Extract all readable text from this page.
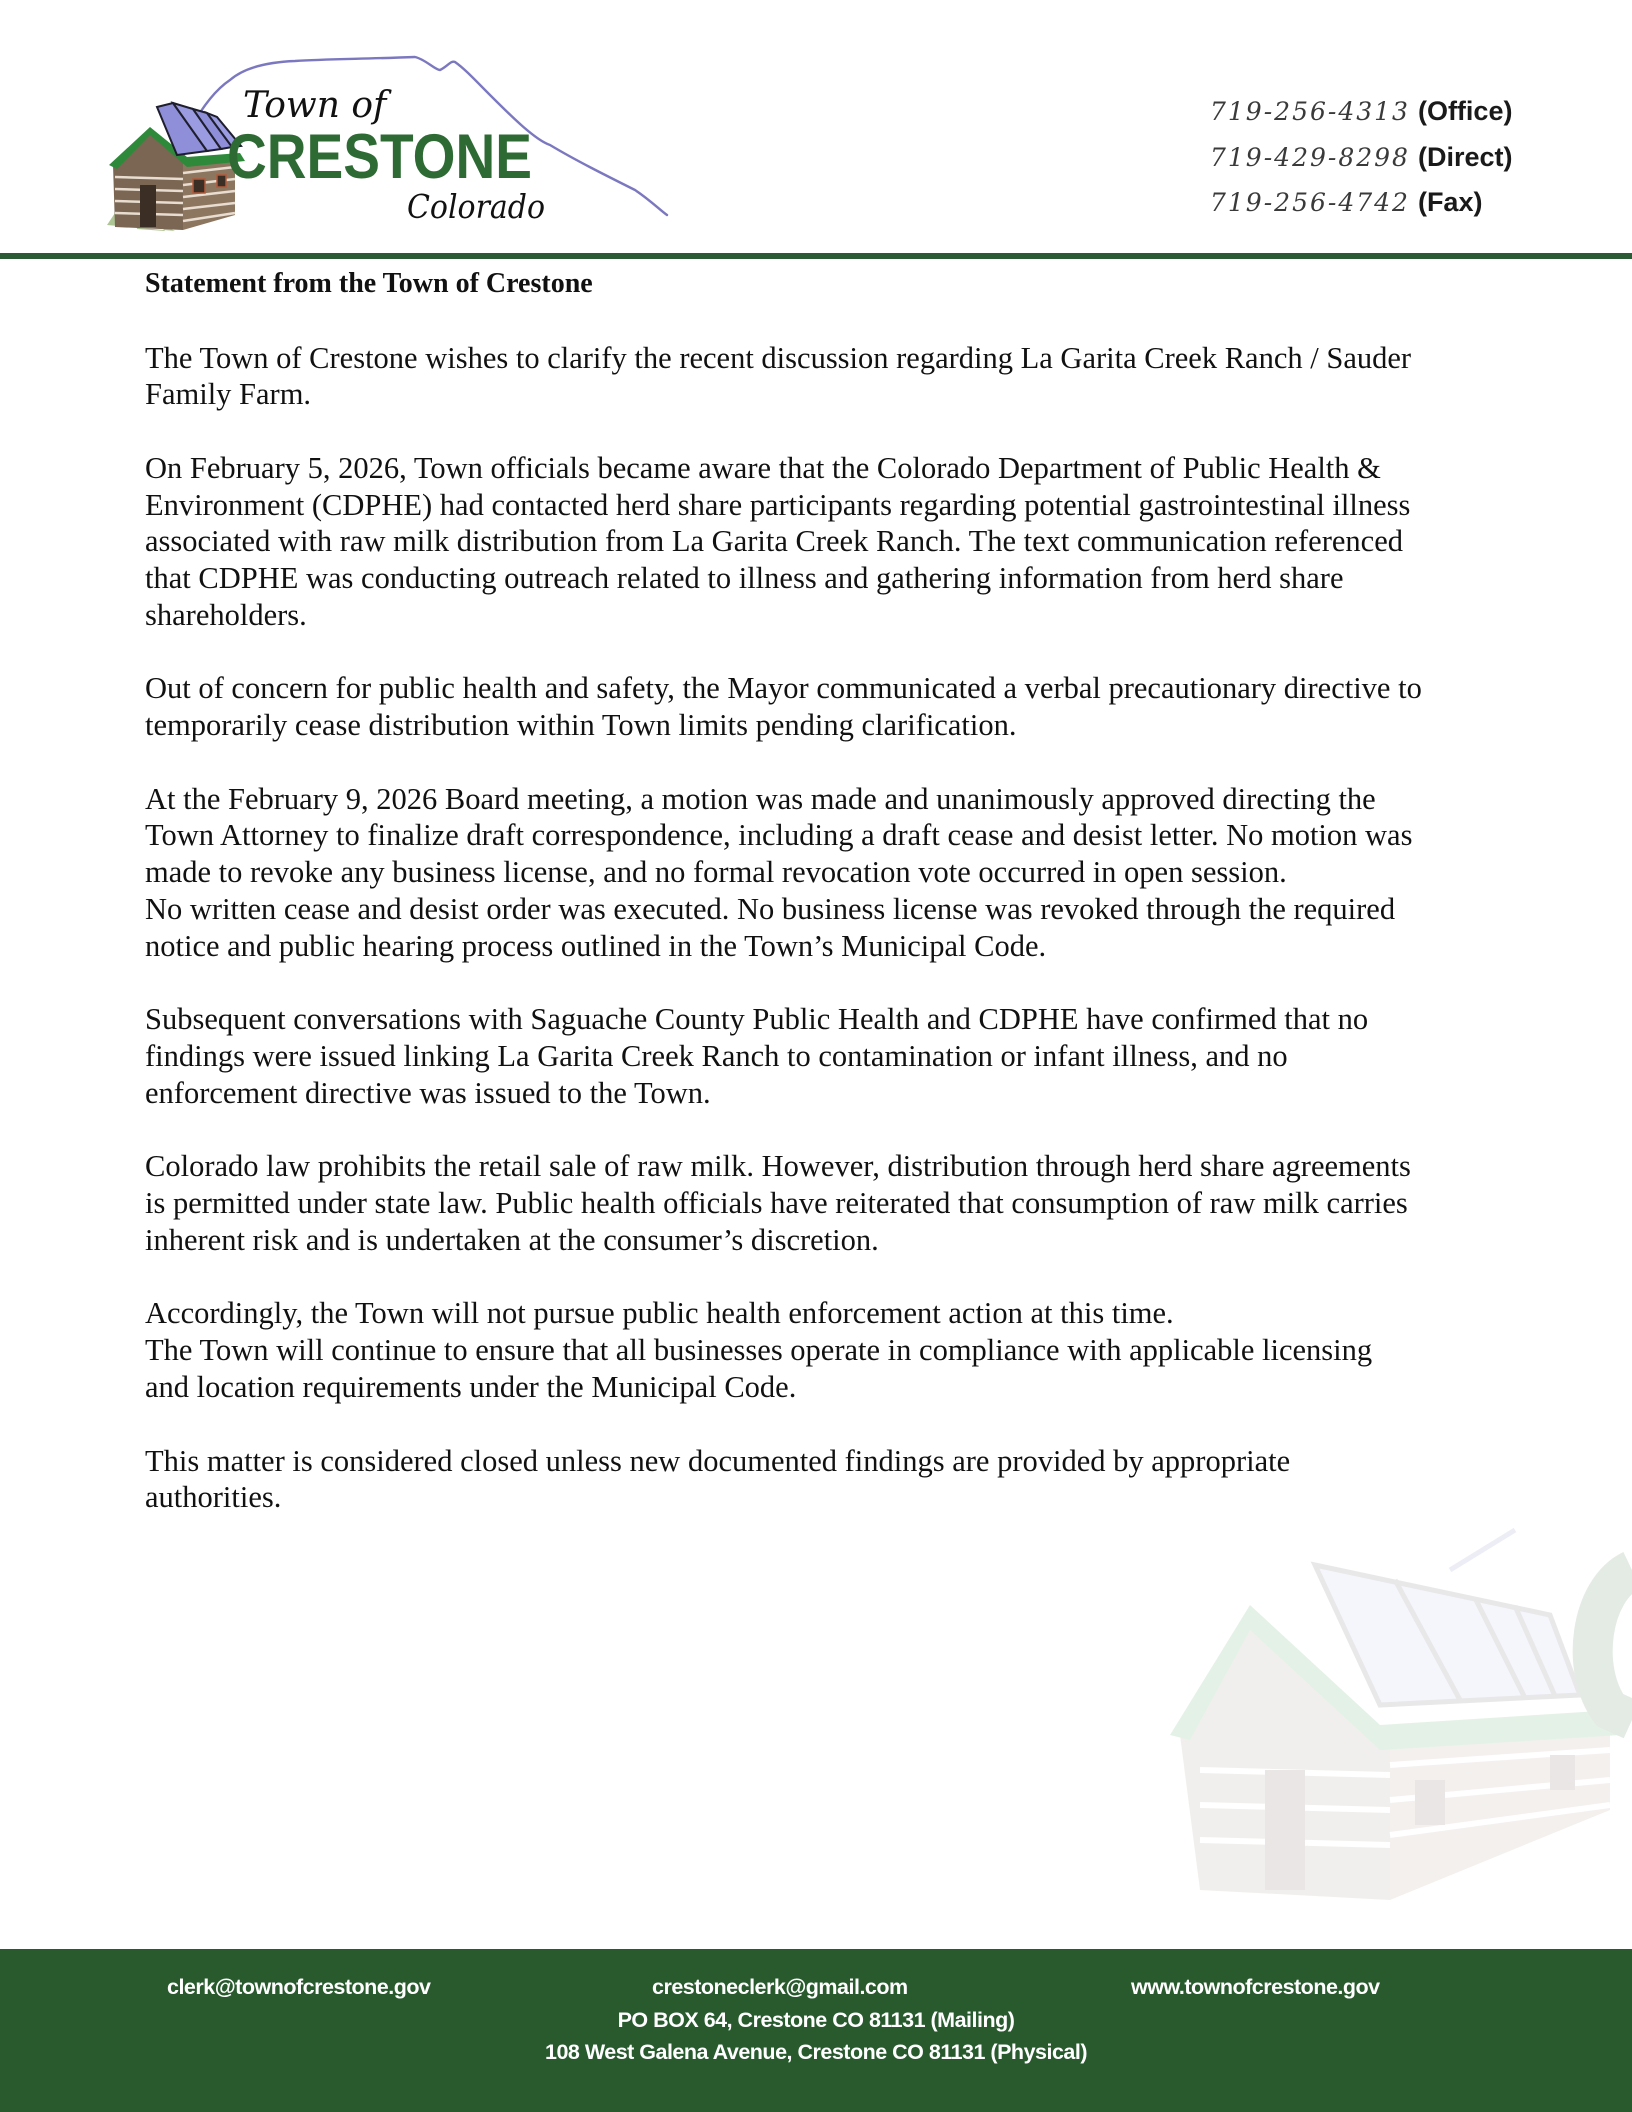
Town of
CRESTONE
Colorado
719-256-4313 (Office)
719-429-8298 (Direct)
719-256-4742 (Fax)
Statement from the Town of Crestone
The Town of Crestone wishes to clarify the recent discussion regarding La Garita Creek Ranch / Sauder
Family Farm.
On February 5, 2026, Town officials became aware that the Colorado Department of Public Health &
Environment (CDPHE) had contacted herd share participants regarding potential gastrointestinal illness
associated with raw milk distribution from La Garita Creek Ranch. The text communication referenced
that CDPHE was conducting outreach related to illness and gathering information from herd share
shareholders.
Out of concern for public health and safety, the Mayor communicated a verbal precautionary directive to
temporarily cease distribution within Town limits pending clarification.
At the February 9, 2026 Board meeting, a motion was made and unanimously approved directing the
Town Attorney to finalize draft correspondence, including a draft cease and desist letter. No motion was
made to revoke any business license, and no formal revocation vote occurred in open session.
No written cease and desist order was executed. No business license was revoked through the required
notice and public hearing process outlined in the Town’s Municipal Code.
Subsequent conversations with Saguache County Public Health and CDPHE have confirmed that no
findings were issued linking La Garita Creek Ranch to contamination or infant illness, and no
enforcement directive was issued to the Town.
Colorado law prohibits the retail sale of raw milk. However, distribution through herd share agreements
is permitted under state law. Public health officials have reiterated that consumption of raw milk carries
inherent risk and is undertaken at the consumer’s discretion.
Accordingly, the Town will not pursue public health enforcement action at this time.
The Town will continue to ensure that all businesses operate in compliance with applicable licensing
and location requirements under the Municipal Code.
This matter is considered closed unless new documented findings are provided by appropriate
authorities.
clerk@townofcrestone.gov	crestoneclerk@gmail.com	www.townofcrestone.gov
PO BOX 64, Crestone CO 81131 (Mailing)
108 West Galena Avenue, Crestone CO 81131 (Physical)
